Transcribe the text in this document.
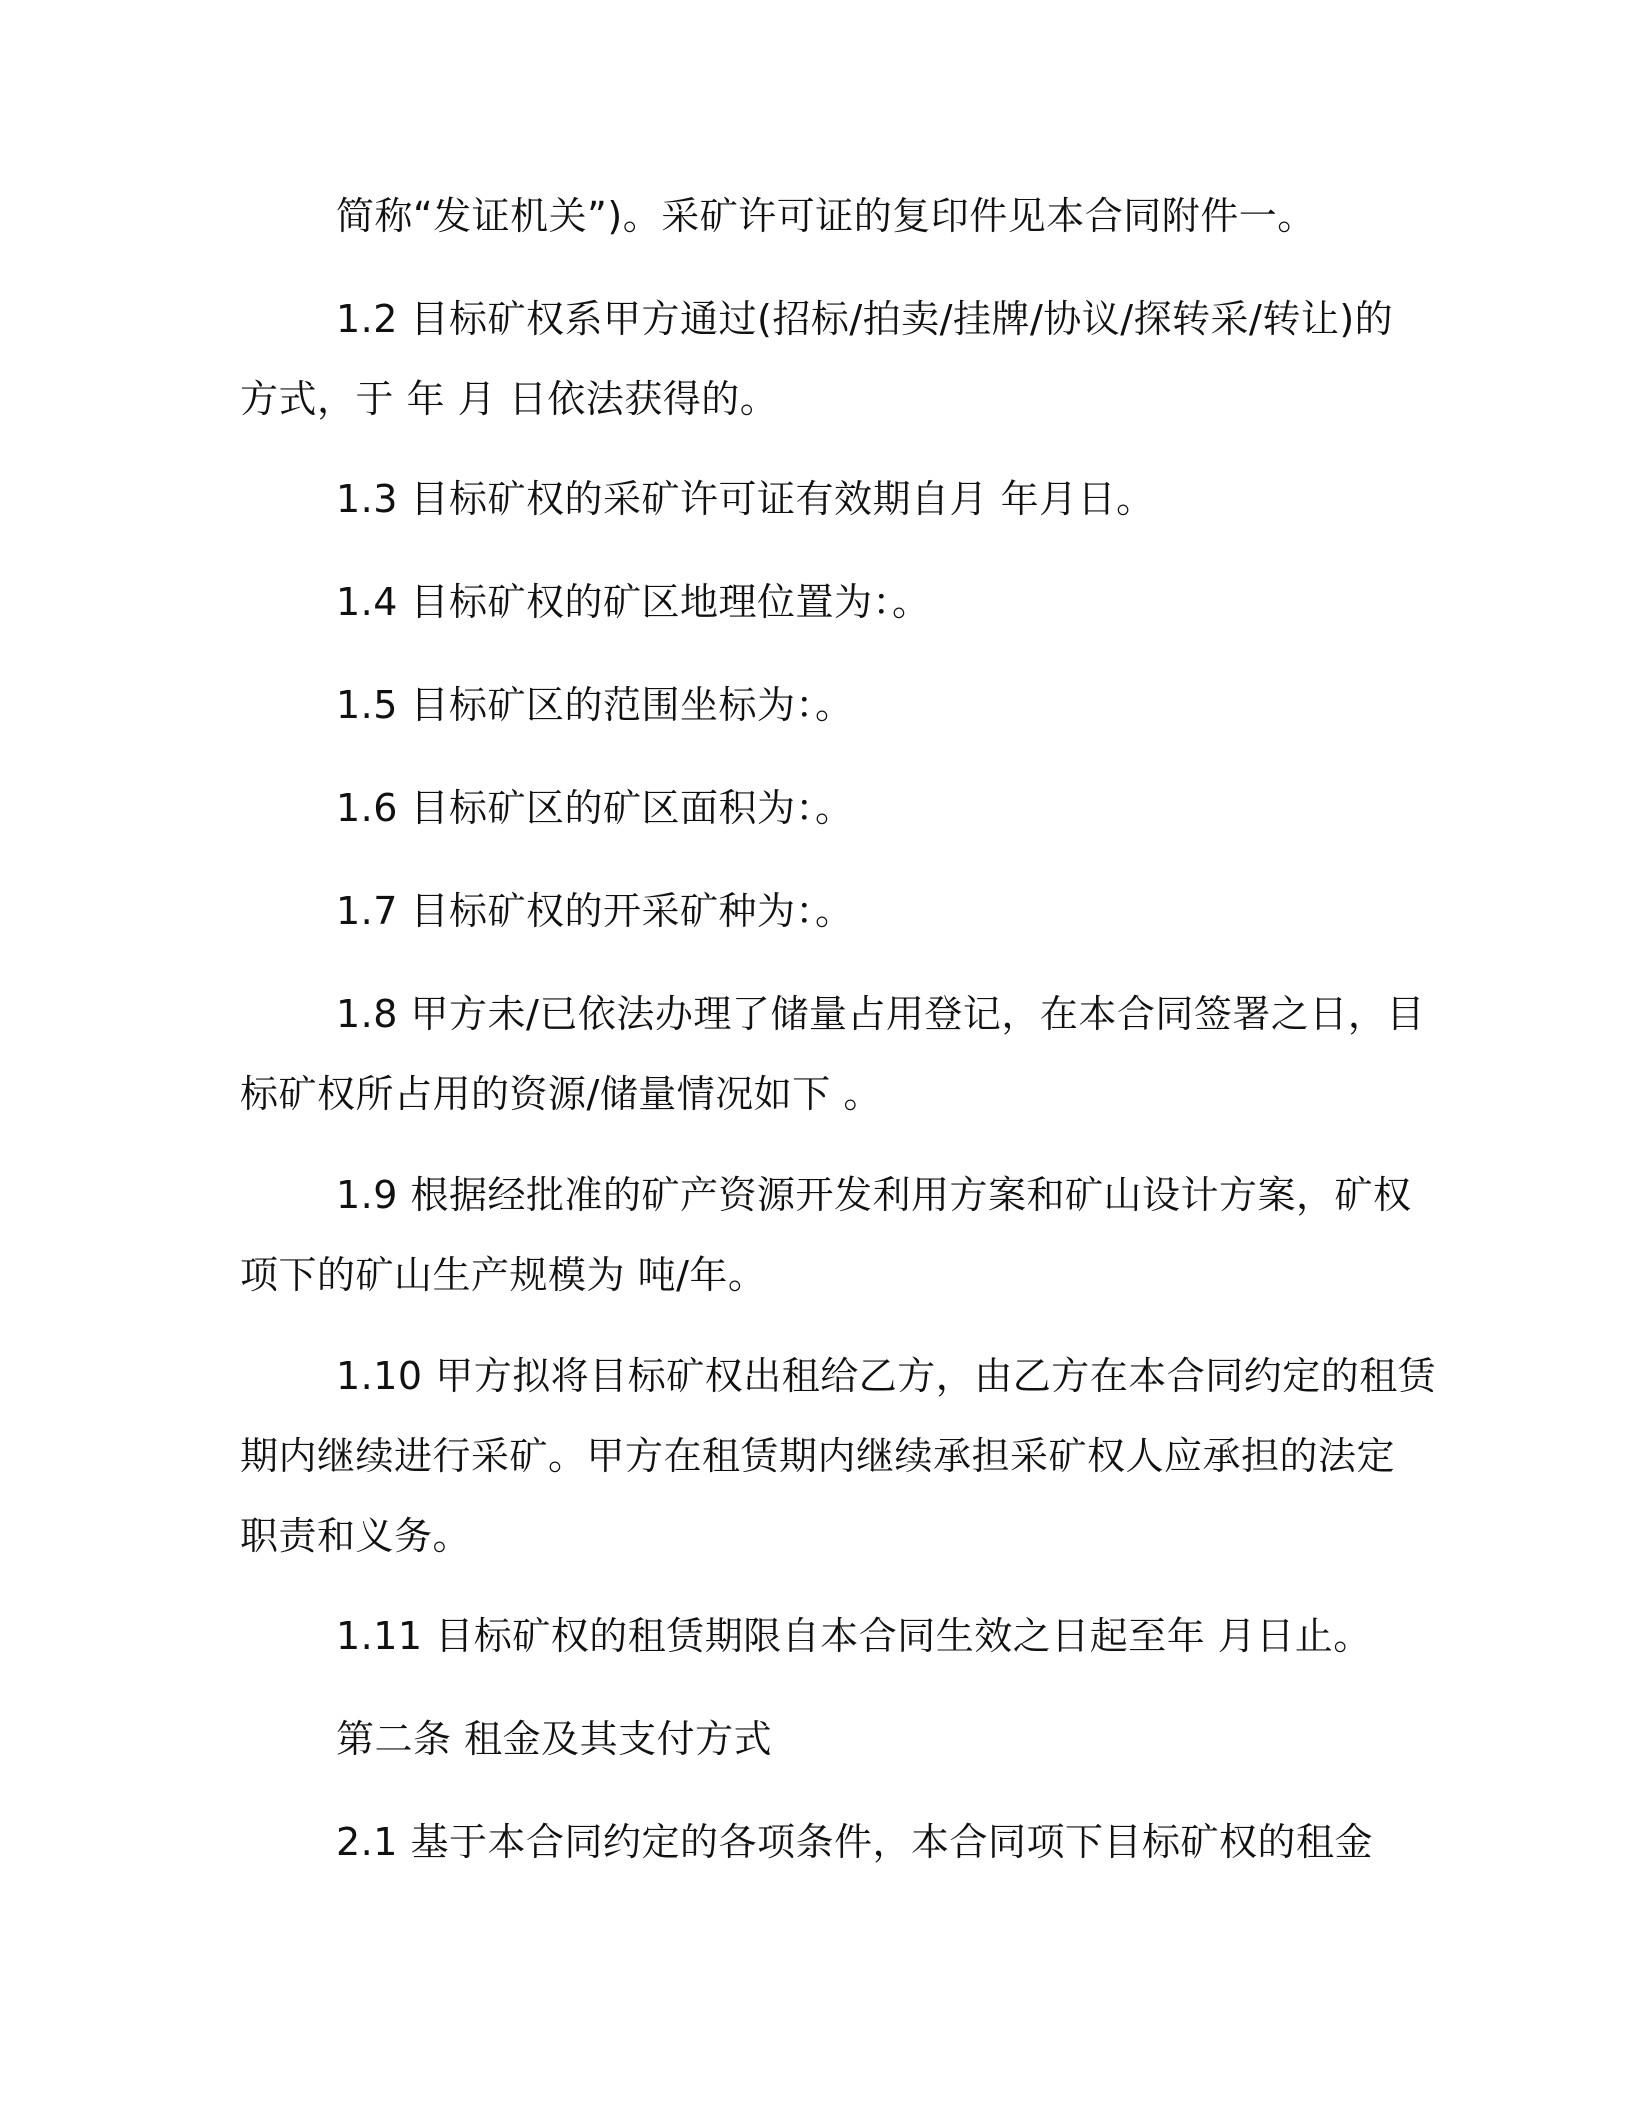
简称“发证机关”)。采矿许可证的复印件见本合同附件一。

1.2 目标矿权系甲方通过(招标/拍卖/挂牌/协议/探转采/转让)的
方式，于 年 月 日依法获得的。

1.3 目标矿权的采矿许可证有效期自月 年月日。

1.4 目标矿权的矿区地理位置为：。

1.5 目标矿区的范围坐标为：。

1.6 目标矿区的矿区面积为：。

1.7 目标矿权的开采矿种为：。

1.8 甲方未/已依法办理了储量占用登记，在本合同签署之日，目
标矿权所占用的资源/储量情况如下 。

1.9 根据经批准的矿产资源开发利用方案和矿山设计方案，矿权
项下的矿山生产规模为 吨/年。

1.10 甲方拟将目标矿权出租给乙方，由乙方在本合同约定的租赁
期内继续进行采矿。甲方在租赁期内继续承担采矿权人应承担的法定
职责和义务。

1.11 目标矿权的租赁期限自本合同生效之日起至年 月日止。

第二条 租金及其支付方式

2.1 基于本合同约定的各项条件，本合同项下目标矿权的租金
